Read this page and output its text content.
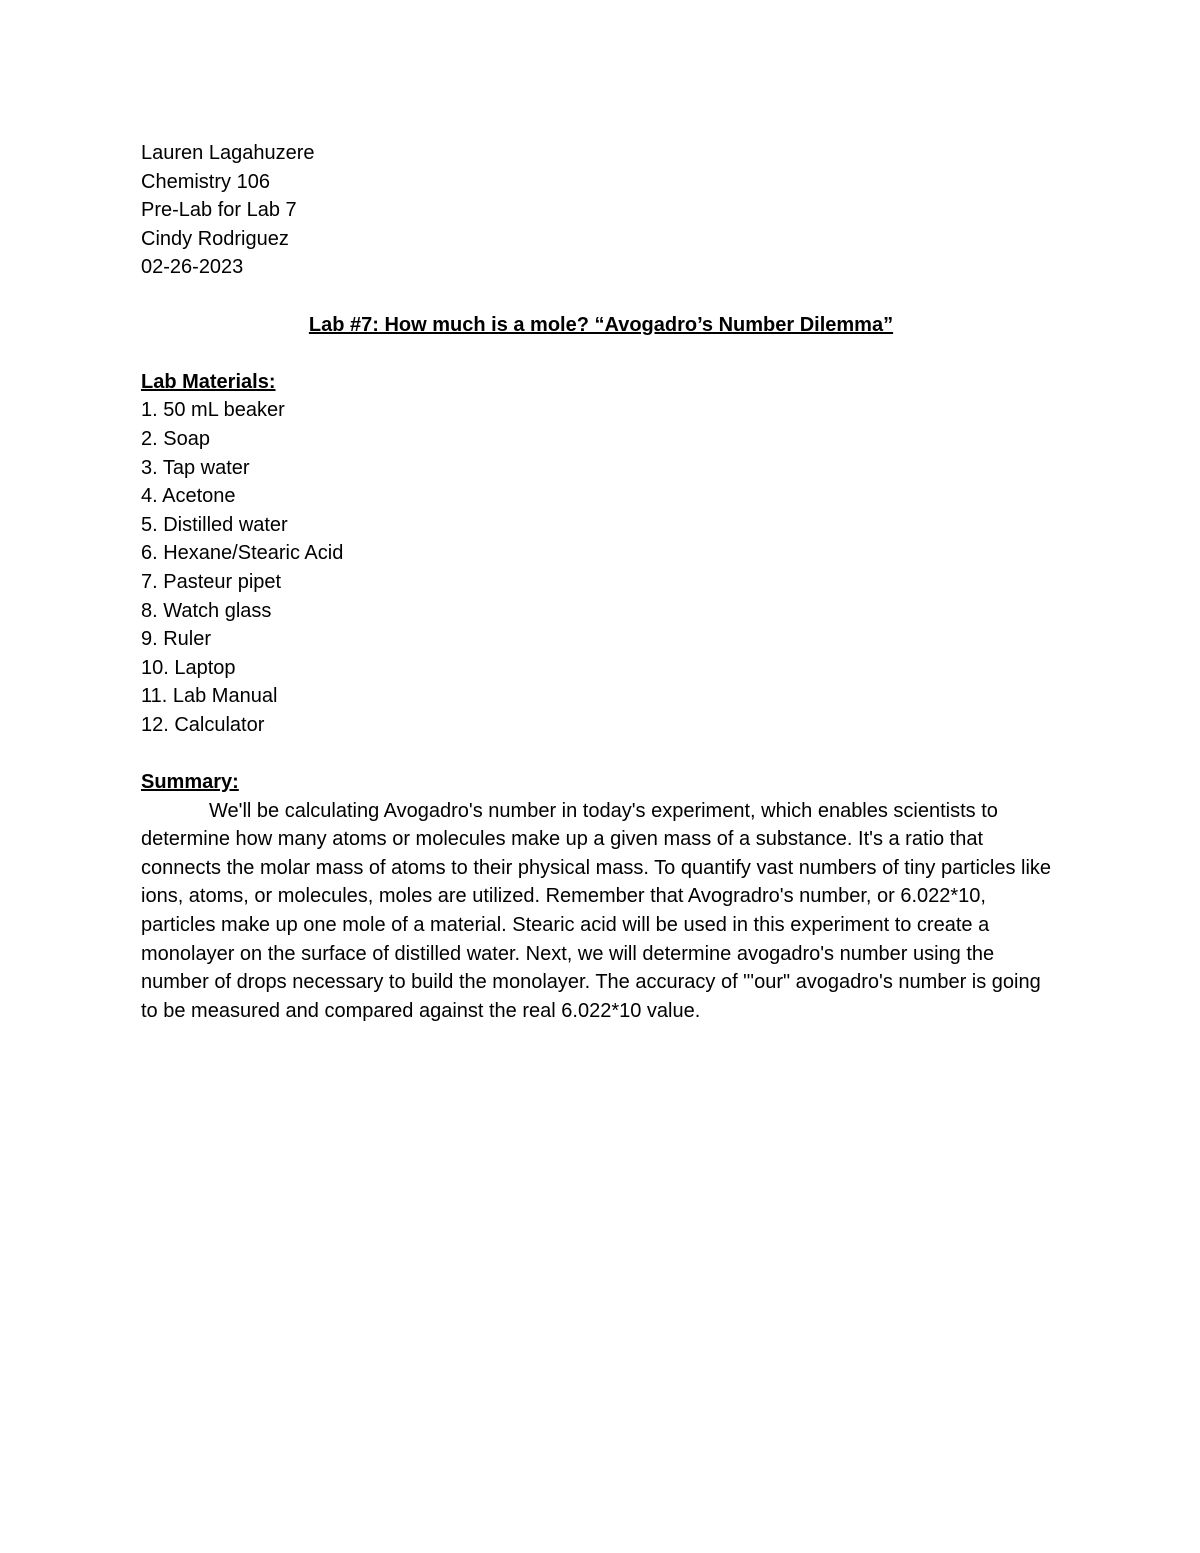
Lauren Lagahuzere
Chemistry 106
Pre-Lab for Lab 7
Cindy Rodriguez
02-26-2023
Lab #7: How much is a mole? “Avogadro’s Number Dilemma”
Lab Materials:
1. 50 mL beaker
2. Soap
3. Tap water
4. Acetone
5. Distilled water
6. Hexane/Stearic Acid
7. Pasteur pipet
8. Watch glass
9. Ruler
10. Laptop
11. Lab Manual
12. Calculator
Summary:

We'll be calculating Avogadro's number in today's experiment, which enables scientists to determine how many atoms or molecules make up a given mass of a substance. It's a ratio that connects the molar mass of atoms to their physical mass. To quantify vast numbers of tiny particles like ions, atoms, or molecules, moles are utilized. Remember that Avogradro's number, or 6.022*10, particles make up one mole of a material. Stearic acid will be used in this experiment to create a monolayer on the surface of distilled water. Next, we will determine avogadro's number using the number of drops necessary to build the monolayer. The accuracy of "'our" avogadro's number is going to be measured and compared against the real 6.022*10 value.
